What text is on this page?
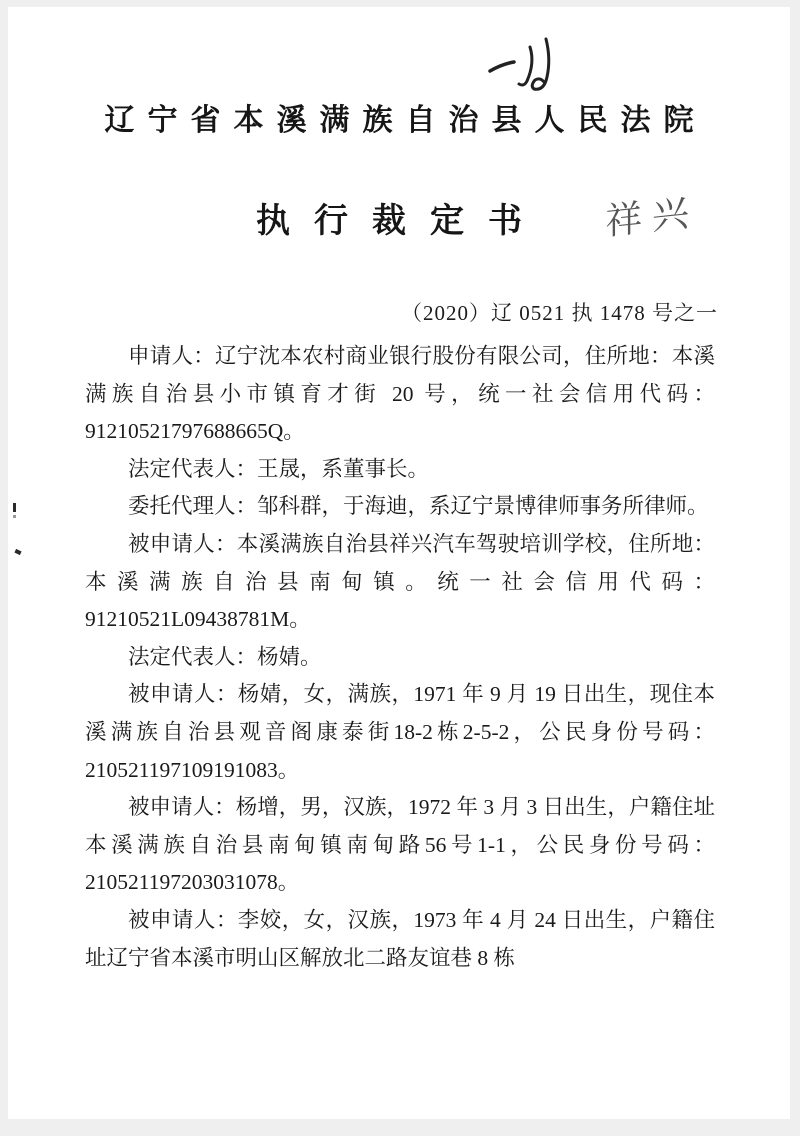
辽宁省本溪满族自治县人民法院
执行裁定书	祥兴
（2020）辽 0521 执 1478 号之一

申请人：辽宁沈本农村商业银行股份有限公司，住所地：本溪满族自治县小市镇育才街 20 号，统一社会信用代码：91210521797688665Q。

法定代表人：王晟，系董事长。

委托代理人：邹科群，于海迪，系辽宁景博律师事务所律师。

被申请人：本溪满族自治县祥兴汽车驾驶培训学校，住所地：本溪满族自治县南甸镇。统一社会信用代码：91210521L09438781M。

法定代表人：杨婧。

被申请人：杨婧，女，满族，1971 年 9 月 19 日出生，现住本溪满族自治县观音阁康泰街18-2栋2-5-2，公民身份号码：210521197109191083。

被申请人：杨增，男，汉族，1972 年 3 月 3 日出生，户籍住址本溪满族自治县南甸镇南甸路56号1-1，公民身份号码：210521197203031078。

被申请人：李姣，女，汉族，1973 年 4 月 24 日出生，户籍住址辽宁省本溪市明山区解放北二路友谊巷 8 栋
